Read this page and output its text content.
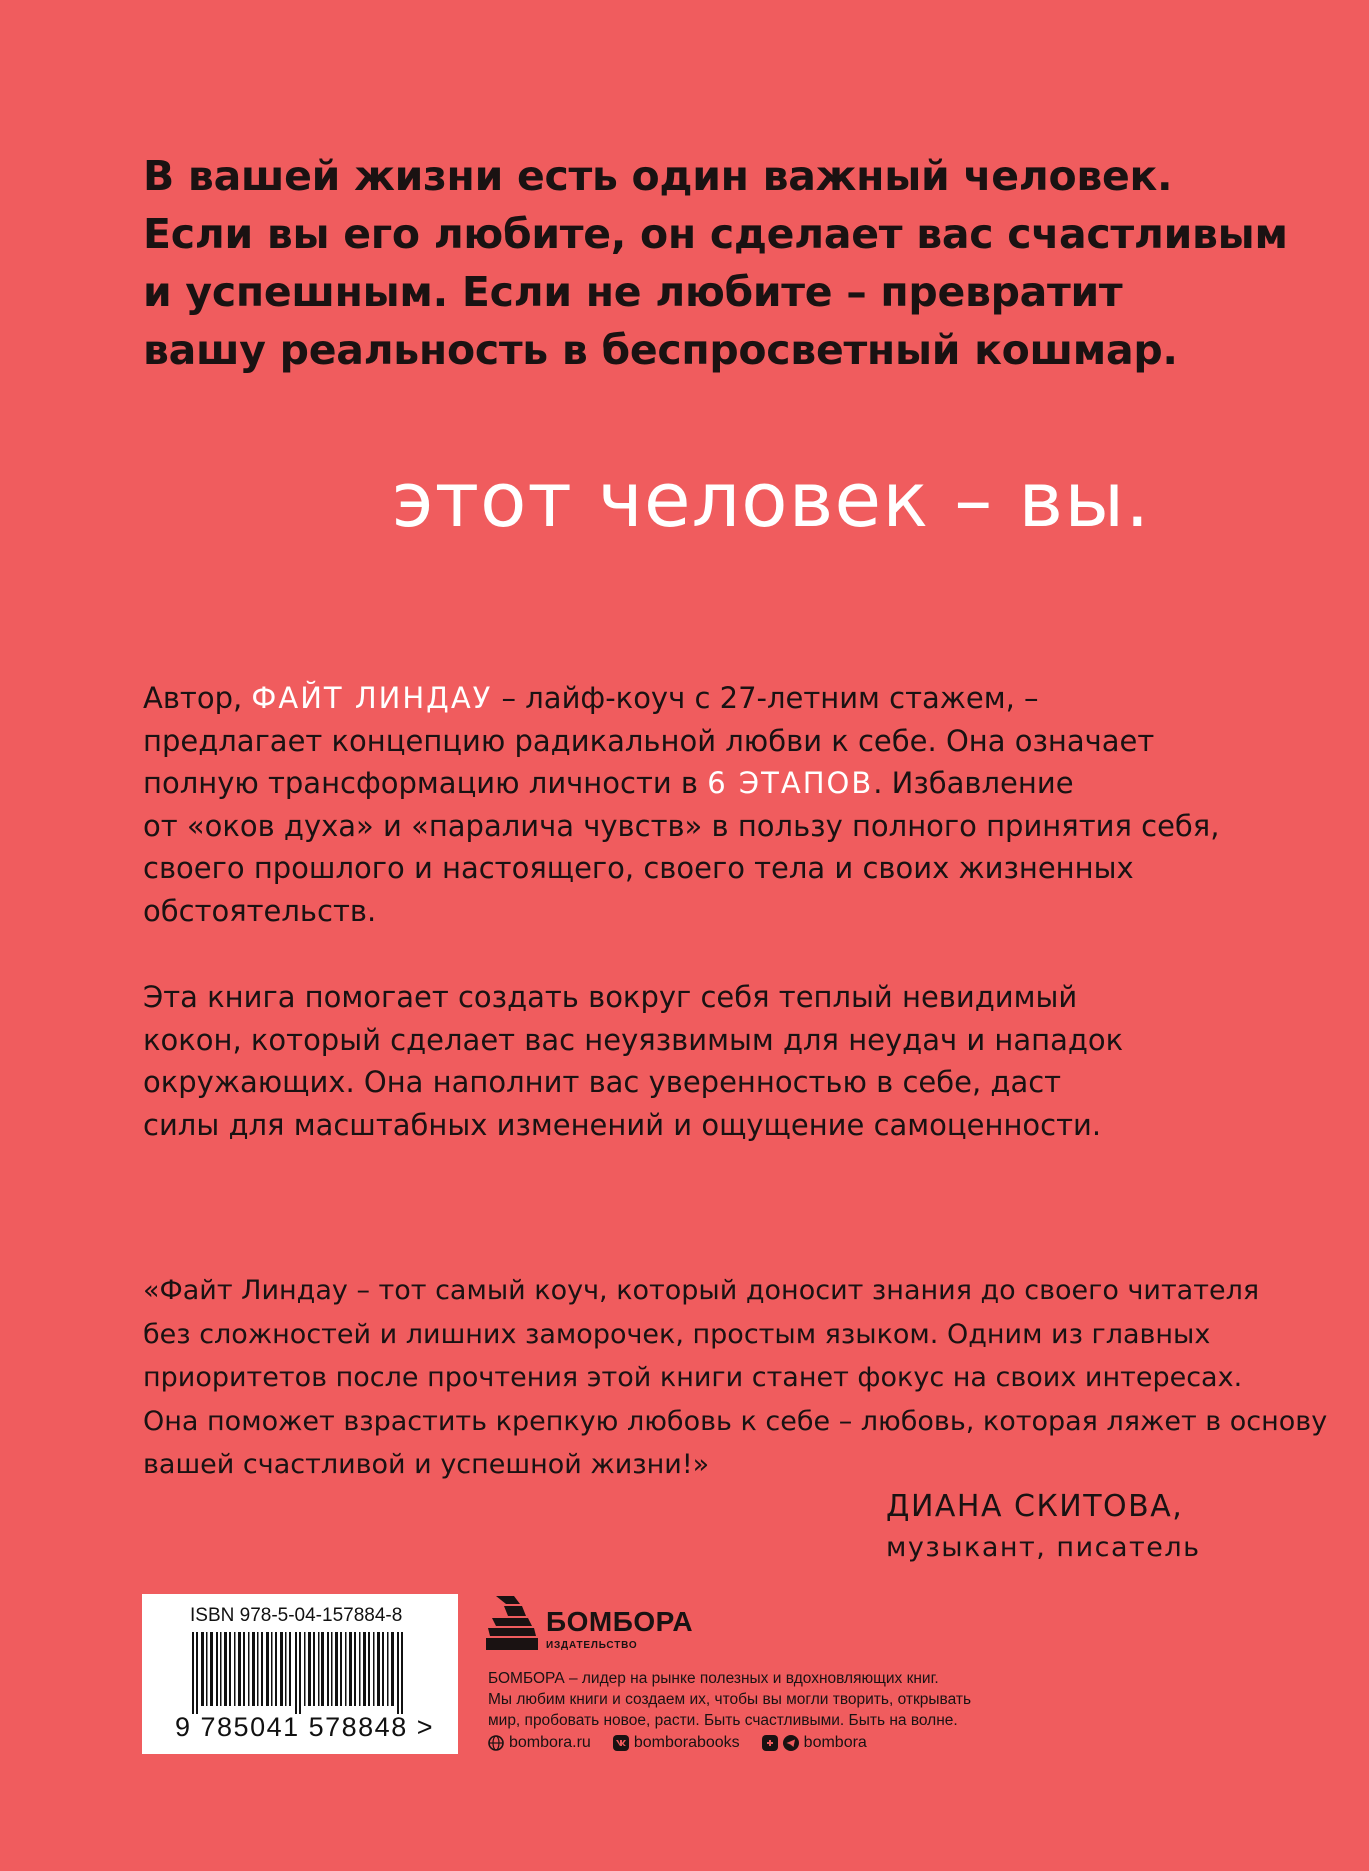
В вашей жизни есть один важный человек.
Если вы его любите, он сделает вас счастливым
и успешным. Если не любите – превратит
вашу реальность в беспросветный кошмар.
этот человек – вы.
Автор, ФАЙТ ЛИНДАУ – лайф-коуч с 27-летним стажем, –
предлагает концепцию радикальной любви к себе. Она означает
полную трансформацию личности в 6 ЭТАПОВ. Избавление
от «оков духа» и «паралича чувств» в пользу полного принятия себя,
своего прошлого и настоящего, своего тела и своих жизненных
обстоятельств.
Эта книга помогает создать вокруг себя теплый невидимый
кокон, который сделает вас неуязвимым для неудач и нападок
окружающих. Она наполнит вас уверенностью в себе, даст
силы для масштабных изменений и ощущение самоценности.
«Файт Линдау – тот самый коуч, который доносит знания до своего читателя
без сложностей и лишних заморочек, простым языком. Одним из главных
приоритетов после прочтения этой книги станет фокус на своих интересах.
Она поможет взрастить крепкую любовь к себе – любовь, которая ляжет в основу
вашей счастливой и успешной жизни!»
ДИАНА СКИТОВА,
музыкант, писатель
ISBN 978-5-04-157884-8
9 785041 578848 >
БОМБОРА
ИЗДАТЕЛЬСТВО
БОМБОРА – лидер на рынке полезных и вдохновляющих книг.
Мы любим книги и создаем их, чтобы вы могли творить, открывать
мир, пробовать новое, расти. Быть счастливыми. Быть на волне.
bombora.ru	bomborabooks	bombora
